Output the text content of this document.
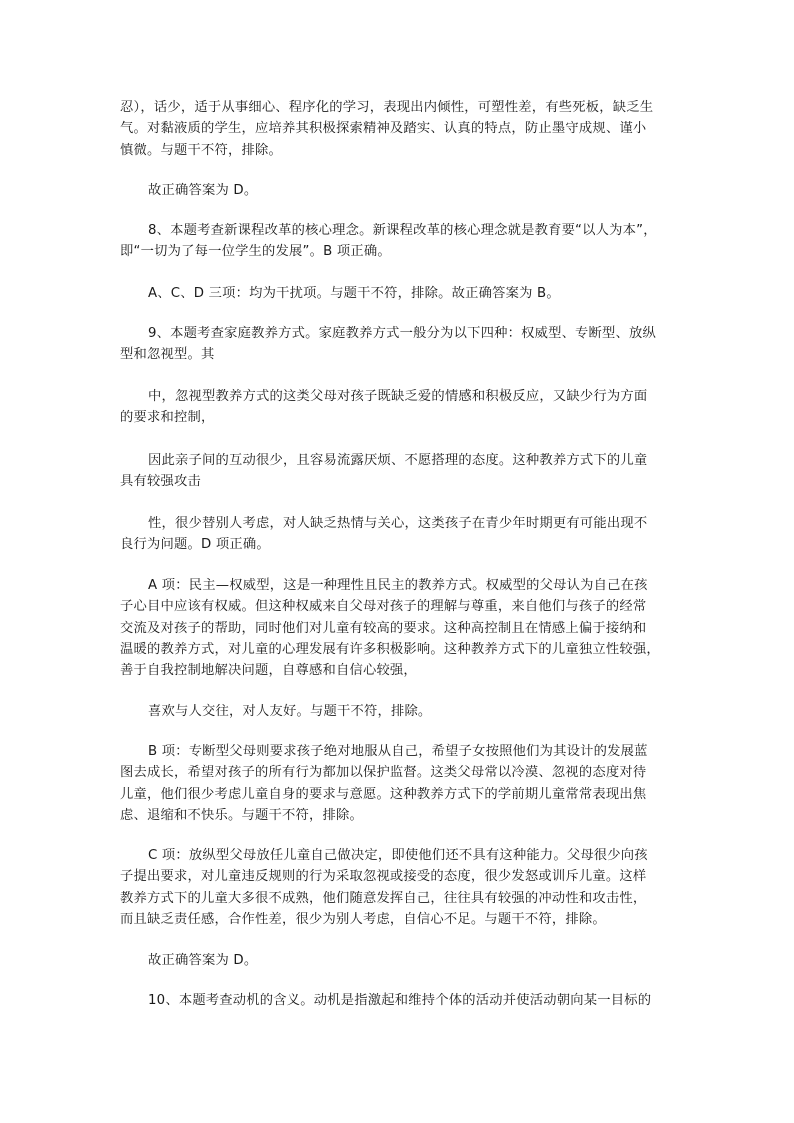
忍），话少，适于从事细心、程序化的学习，表现出内倾性，可塑性差，有些死板，缺乏生
气。对黏液质的学生，应培养其积极探索精神及踏实、认真的特点，防止墨守成规、谨小
慎微。与题干不符，排除。

故正确答案为 D。

8、本题考查新课程改革的核心理念。新课程改革的核心理念就是教育要“以人为本”，
即“一切为了每一位学生的发展”。B 项正确。

A、C、D 三项：均为干扰项。与题干不符，排除。故正确答案为 B。

9、本题考查家庭教养方式。家庭教养方式一般分为以下四种：权威型、专断型、放纵
型和忽视型。其

中，忽视型教养方式的这类父母对孩子既缺乏爱的情感和积极反应，又缺少行为方面
的要求和控制，

因此亲子间的互动很少，且容易流露厌烦、不愿搭理的态度。这种教养方式下的儿童
具有较强攻击

性，很少替别人考虑，对人缺乏热情与关心，这类孩子在青少年时期更有可能出现不
良行为问题。D 项正确。

A 项：民主—权威型，这是一种理性且民主的教养方式。权威型的父母认为自己在孩
子心目中应该有权威。但这种权威来自父母对孩子的理解与尊重，来自他们与孩子的经常
交流及对孩子的帮助，同时他们对儿童有较高的要求。这种高控制且在情感上偏于接纳和
温暖的教养方式，对儿童的心理发展有许多积极影响。这种教养方式下的儿童独立性较强，
善于自我控制地解决问题，自尊感和自信心较强，

喜欢与人交往，对人友好。与题干不符，排除。

B 项：专断型父母则要求孩子绝对地服从自己，希望子女按照他们为其设计的发展蓝
图去成长，希望对孩子的所有行为都加以保护监督。这类父母常以冷漠、忽视的态度对待
儿童，他们很少考虑儿童自身的要求与意愿。这种教养方式下的学前期儿童常常表现出焦
虑、退缩和不快乐。与题干不符，排除。

C 项：放纵型父母放任儿童自己做决定，即使他们还不具有这种能力。父母很少向孩
子提出要求，对儿童违反规则的行为采取忽视或接受的态度，很少发怒或训斥儿童。这样
教养方式下的儿童大多很不成熟，他们随意发挥自己，往往具有较强的冲动性和攻击性，
而且缺乏责任感，合作性差，很少为别人考虑，自信心不足。与题干不符，排除。

故正确答案为 D。

10、本题考查动机的含义。动机是指激起和维持个体的活动并使活动朝向某一目标的
